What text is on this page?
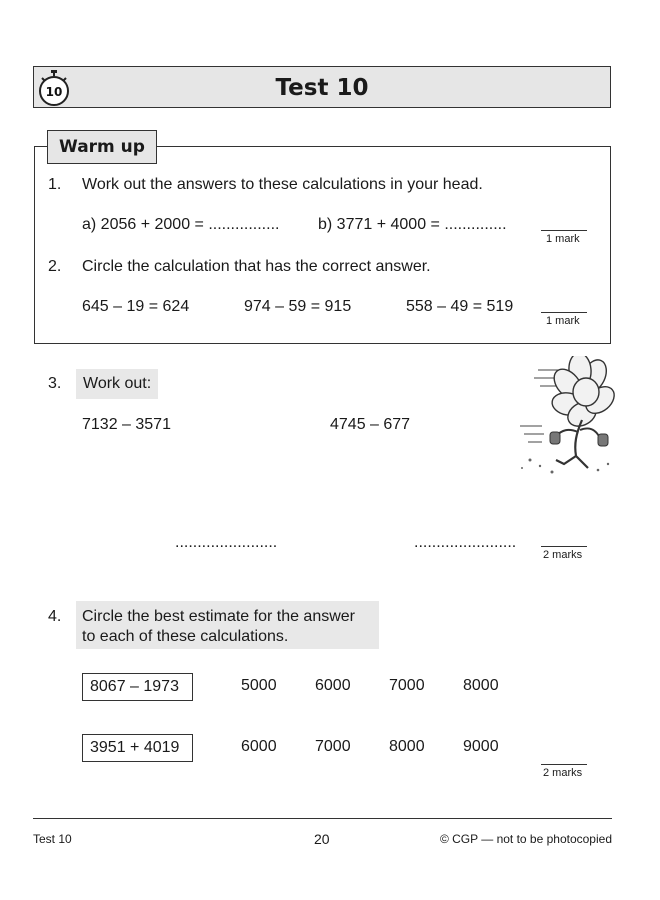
10	Test 10
Warm up
1. Work out the answers to these calculations in your head.
a) 2056 + 2000 = ................ b) 3771 + 4000 = ..............
1 mark
2. Circle the calculation that has the correct answer.
645 – 19 = 624	974 – 59 = 915	558 – 49 = 519
1 mark
3.	Work out:
7132 – 3571	4745 – 677
.......................	.......................
2 marks
4. Circle the best estimate for the answer
to each of these calculations.
8067 – 1973	5000 6000 7000 8000
3951 + 4019	6000 7000 8000 9000
2 marks
Test 10	20	© CGP — not to be photocopied
